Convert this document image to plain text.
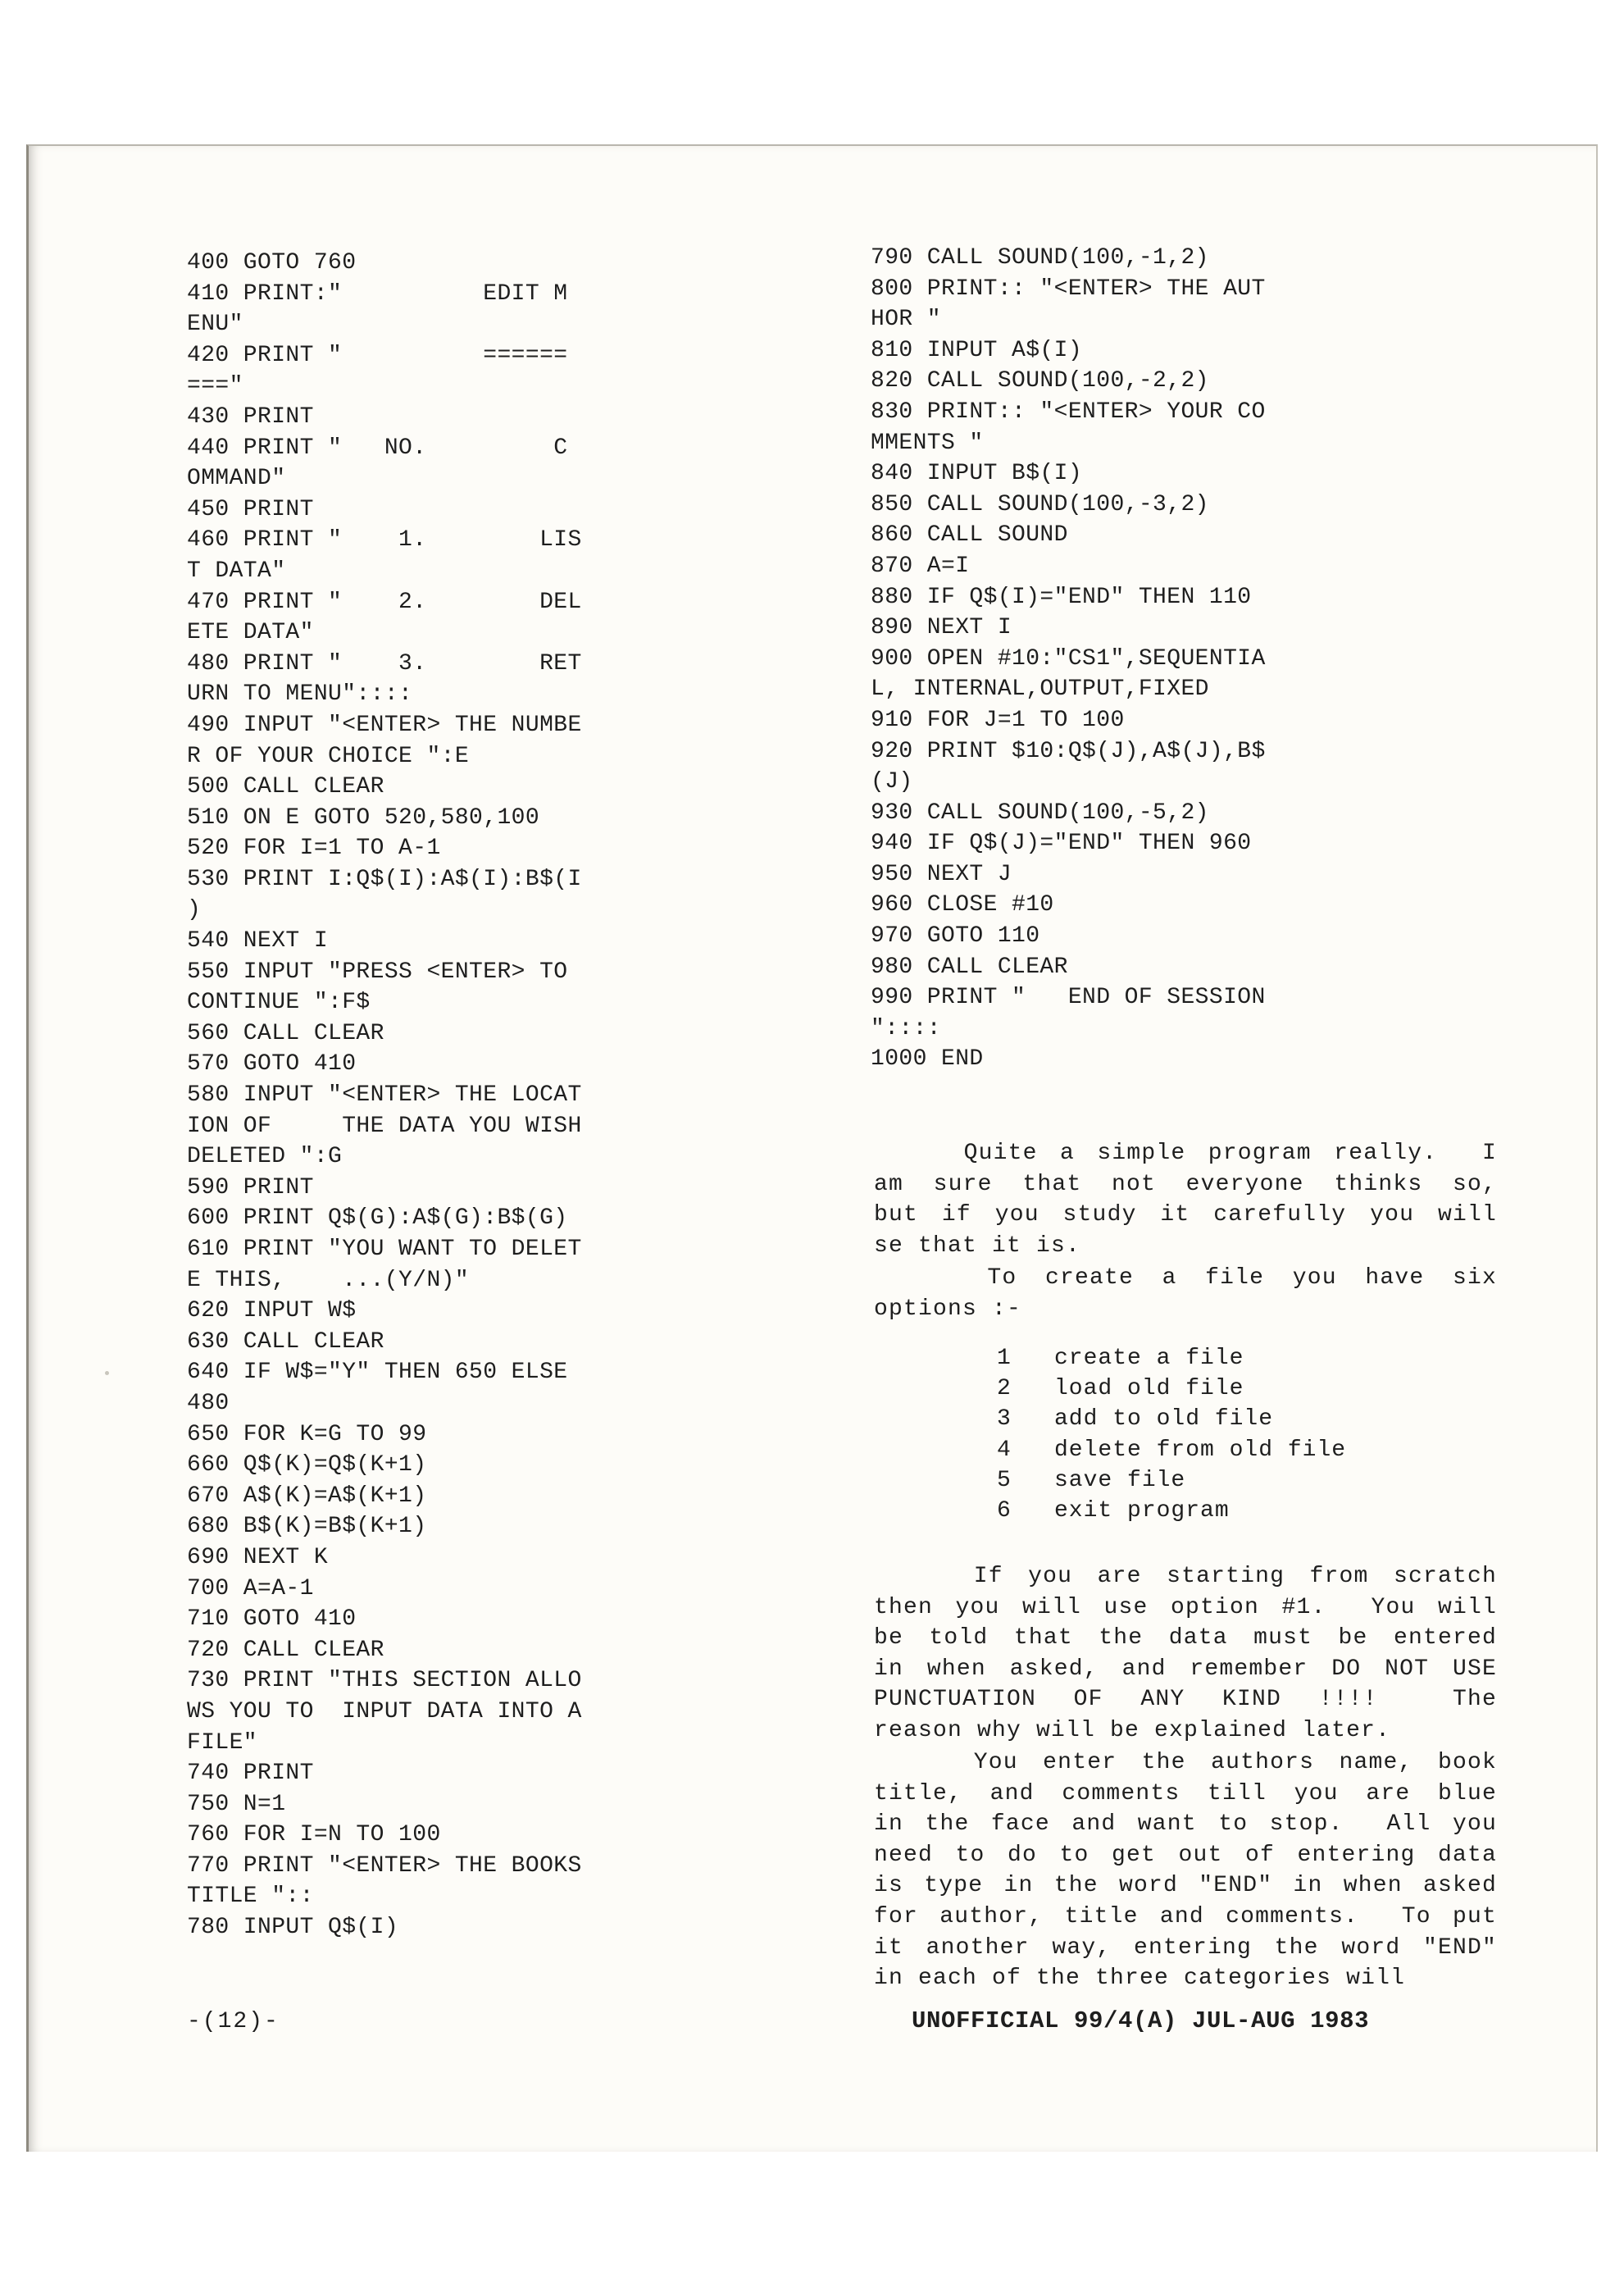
400 GOTO 760
410 PRINT:"          EDIT M
ENU"
420 PRINT "          ======
==="
430 PRINT
440 PRINT "   NO.         C
OMMAND"
450 PRINT
460 PRINT "    1.        LIS
T DATA"
470 PRINT "    2.        DEL
ETE DATA"
480 PRINT "    3.        RET
URN TO MENU"::::
490 INPUT "<ENTER> THE NUMBE
R OF YOUR CHOICE ":E
500 CALL CLEAR
510 ON E GOTO 520,580,100
520 FOR I=1 TO A-1
530 PRINT I:Q$(I):A$(I):B$(I
)
540 NEXT I
550 INPUT "PRESS <ENTER> TO
CONTINUE ":F$
560 CALL CLEAR
570 GOTO 410
580 INPUT "<ENTER> THE LOCAT
ION OF     THE DATA YOU WISH
DELETED ":G
590 PRINT
600 PRINT Q$(G):A$(G):B$(G)
610 PRINT "YOU WANT TO DELET
E THIS,    ...(Y/N)"
620 INPUT W$
630 CALL CLEAR
640 IF W$="Y" THEN 650 ELSE
480
650 FOR K=G TO 99
660 Q$(K)=Q$(K+1)
670 A$(K)=A$(K+1)
680 B$(K)=B$(K+1)
690 NEXT K
700 A=A-1
710 GOTO 410
720 CALL CLEAR
730 PRINT "THIS SECTION ALLO
WS YOU TO  INPUT DATA INTO A
FILE"
740 PRINT
750 N=1
760 FOR I=N TO 100
770 PRINT "<ENTER> THE BOOKS
TITLE "::
780 INPUT Q$(I)
790 CALL SOUND(100,-1,2)
800 PRINT:: "<ENTER> THE AUT
HOR "
810 INPUT A$(I)
820 CALL SOUND(100,-2,2)
830 PRINT:: "<ENTER> YOUR CO
MMENTS "
840 INPUT B$(I)
850 CALL SOUND(100,-3,2)
860 CALL SOUND
870 A=I
880 IF Q$(I)="END" THEN 110
890 NEXT I
900 OPEN #10:"CS1",SEQUENTIA
L, INTERNAL,OUTPUT,FIXED
910 FOR J=1 TO 100
920 PRINT $10:Q$(J),A$(J),B$
(J)
930 CALL SOUND(100,-5,2)
940 IF Q$(J)="END" THEN 960
950 NEXT J
960 CLOSE #10
970 GOTO 110
980 CALL CLEAR
990 PRINT "   END OF SESSION
"::::
1000 END
Quite a simple program really.  I
am sure that not everyone thinks so,
but if you study it carefully you will
se that it is.
To create a file you have six
options :-
1 create a file
2 load old file
3 add to old file
4 delete from old file
5 save file
6 exit program
If you are starting from scratch
then you will use option #1.  You will
be told that the data must be entered
in when asked, and remember DO NOT USE
PUNCTUATION OF ANY KIND !!!!  The
reason why will be explained later.
You enter the authors name, book
title, and comments till you are blue
in the face and want to stop.  All you
need to do to get out of entering data
is type in the word "END" in when asked
for author, title and comments.  To put
it another way, entering the word "END"
in each of the three categories will
-(12)-	UNOFFICIAL 99/4(A) JUL-AUG 1983
